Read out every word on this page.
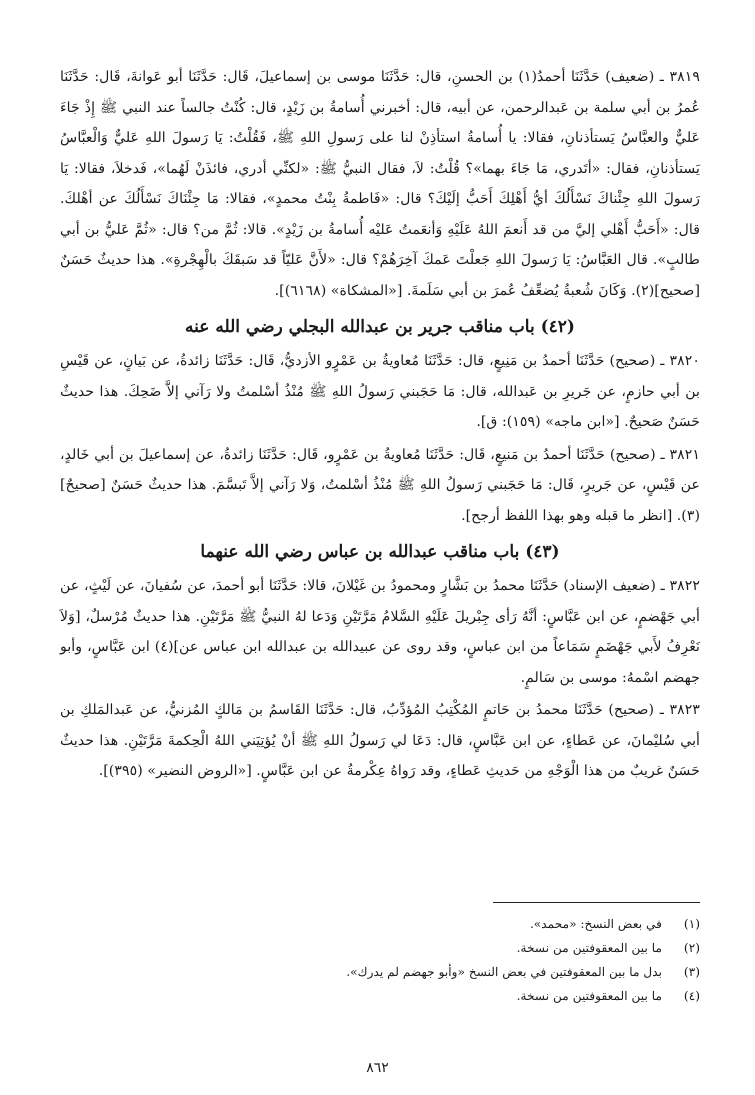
٣٨١٩ ـ (ضعيف) حَدَّثَنَا أحمدُ(١) بن الحسنِ، قال: حَدَّثَنَا موسى بن إسماعيلَ، قَال: حَدَّثَنَا أبو عَوانةَ، قَال: حَدَّثَنَا عُمرُ بن أبي سلمة بن عَبدالرحمن، عن أبيه، قال: أخبرني أُسامةُ بن زَيْدٍ، قال: كُنْتُ جالساً عند النبي ﷺ إِذْ جَاءَ عَليٌّ والعبَّاسُ يَستأذنانِ، فقالا: يا أُسامةُ استأذِنْ لنا على رَسولِ اللهِ ﷺ، فَقُلْتُ: يَا رَسولَ اللهِ عَليٌّ وَالْعبَّاسُ يَستأذنانِ، فقال: «أتَدري، مَا جَاءَ بهما»؟ قُلْتُ: لاَ، فقال النبيُّ ﷺ: «لكنِّي أدري، فائذَنْ لَهُما»، فَدخلاَ، فقالا: يَا رَسولَ اللهِ جِئْناكَ نَسْأَلُكَ أيُّ أَهْلِكَ أَحَبُّ إلَيْكَ؟ قال: «فَاطمةُ بِنْتُ محمدٍ»، فقالا: مَا جِئْنَاكَ نَسْأَلُكَ عن أهْلكَ. قال: «أَحَبُّ أَهْلي إليَّ من قد أَنعمَ اللهُ عَلَيْهِ وَأنعَمتُ عَليْه أُسامةُ بن زَيْدٍ». قالا: ثُمَّ من؟ قال: «ثُمَّ عَليُّ بن أبي طالبٍ». قال العَبَّاسُ: يَا رَسولَ اللهِ جَعلْتَ عَمكَ آخِرَهُمْ؟ قال: «لأَنَّ عَليّاً قد سَبقَكَ بالْهِجْرةِ». هذا حديثٌ حَسَنٌ [صحيح](٢). وَكَانَ شُعبةُ يُضعِّفُ عُمرَ بن أبي سَلَمةَ. [«المشكاة» (٦١٦٨)].

(٤٢) باب مناقب جرير بن عبدالله البجلي رضي الله عنه

٣٨٢٠ ـ (صحيح) حَدَّثَنَا أحمدُ بن مَنِيعٍ، قال: حَدَّثَنَا مُعاويةُ بن عَمْرٍو الأزديُّ، قَال: حَدَّثَنَا زائدةُ، عن بَيانٍ، عن قَيْسِ بن أبي حازمٍ، عن جَريرِ بن عَبدالله، قال: مَا حَجَبني رَسولُ اللهِ ﷺ مُنْذُ أسْلمتُ ولا رَآني إلاَّ ضَحِكَ. هذا حديثٌ حَسَنٌ صَحيحٌ. [«ابن ماجه» (١٥٩): ق].

٣٨٢١ ـ (صحيح) حَدَّثَنَا أحمدُ بن مَنيعٍ، قَال: حَدَّثَنَا مُعاويةُ بن عَمْرٍو، قَال: حَدَّثَنَا زائدةُ، عن إسماعيلَ بن أبي خَالدٍ، عن قَيْسٍ، عن جَريرٍ، قَال: مَا حَجَبني رَسولُ اللهِ ﷺ مُنْذُ أسْلمتُ، وَلا رَآني إلاَّ تَبسَّمَ. هذا حديثٌ حَسَنٌ [صحيحٌ](٣). [انظر ما قبله وهو بهذا اللفظ أرجح].

(٤٣) باب مناقب عبدالله بن عباس رضي الله عنهما

٣٨٢٢ ـ (ضعيف الإسناد) حَدَّثَنَا محمدُ بن بَشَّارٍ ومحمودُ بن غَيْلانَ، قالا: حَدَّثَنَا أبو أحمدَ، عن سُفيانَ، عن لَيْثٍ، عن أبي جَهْضمٍ، عن ابن عَبَّاسٍ: أنَّهُ رَأى جِبْريلَ عَلَيْهِ السَّلامُ مَرَّتَيْنِ وَدَعا لهُ النبيُّ ﷺ مَرَّتَيْنِ. هذا حديثٌ مُرْسلٌ، [وَلاَ نَعْرِفُ لأَبي جَهْضَمٍ سَمَاعاً من ابن عباسٍ، وقد روى عن عبيدالله بن عبدالله ابن عباس عن](٤) ابن عَبَّاسٍ، وأبو جهضم اسْمهُ: موسى بن سَالمٍ.

٣٨٢٣ ـ (صحيح) حَدَّثَنَا محمدُ بن حَاتمٍ المُكْتِبُ المُؤدِّبُ، قال: حَدَّثَنَا القَاسمُ بن مَالكٍ المُزنيُّ، عن عَبدالمَلكِ بن أبي سُليْمانَ، عن عَطاءٍ، عن ابن عَبَّاسٍ، قال: دَعَا لي رَسولُ اللهِ ﷺ أنْ يُؤتِيَني اللهُ الْحِكمةَ مَرَّتَيْنِ. هذا حديثٌ حَسَنٌ غريبٌ من هذا الْوَجْهِ من حَديثِ عَطاءٍ، وقد رَواهُ عِكْرمةُ عن ابن عَبَّاسٍ. [«الروض النضير» (٣٩٥)].

(١)
في بعض النسخ: «محمد».
(٢)
ما بين المعقوفتين من نسخة.
(٣)
بدل ما بين المعقوفتين في بعض النسخ «وأبو جهضم لم يدرك».
(٤)
ما بين المعقوفتين من نسخة.
٨٦٢
